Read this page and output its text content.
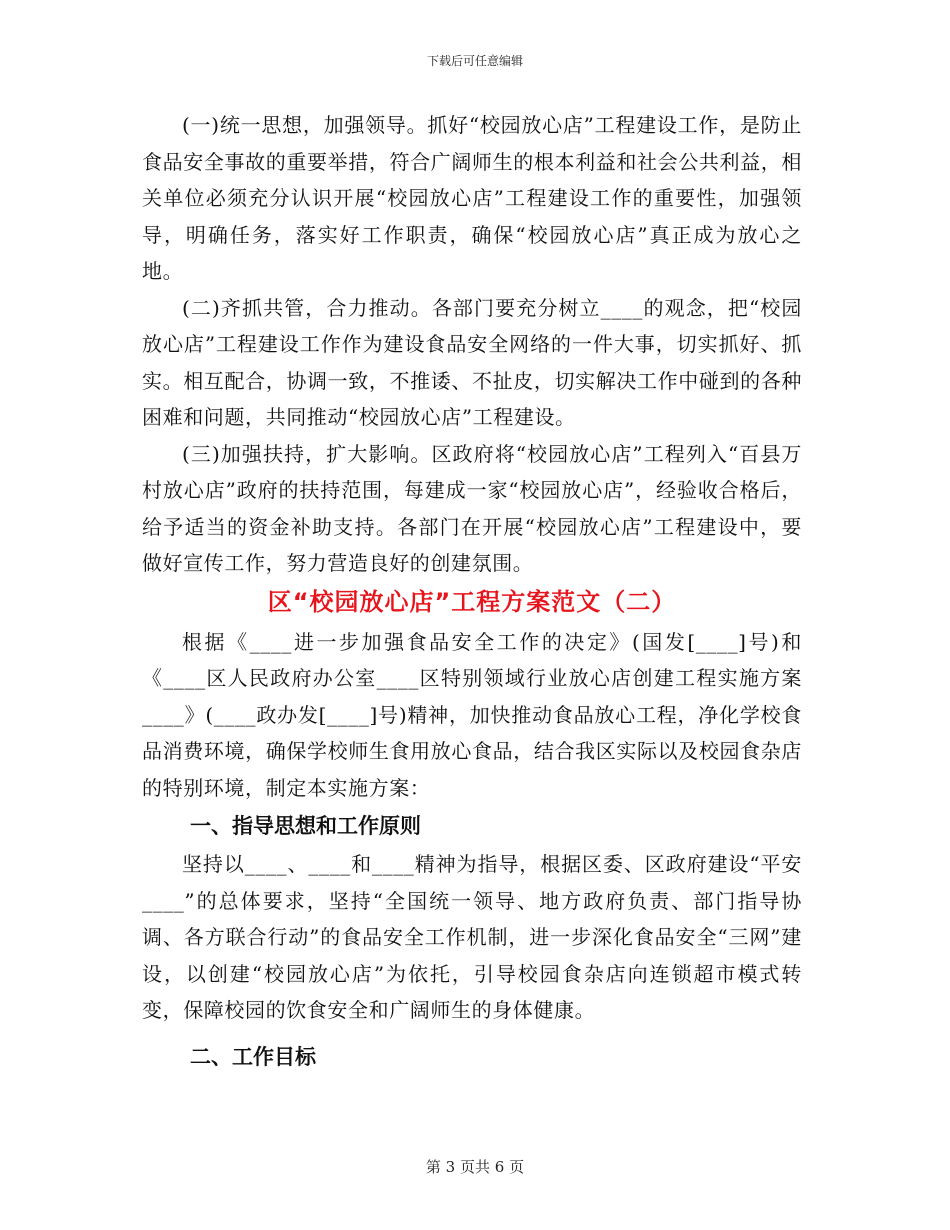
下载后可任意编辑

(一)统一思想，加强领导。抓好“校园放心店”工程建设工作，是防止食品安全事故的重要举措，符合广阔师生的根本利益和社会公共利益，相关单位必须充分认识开展“校园放心店”工程建设工作的重要性，加强领导，明确任务，落实好工作职责，确保“校园放心店”真正成为放心之地。

(二)齐抓共管，合力推动。各部门要充分树立____的观念，把“校园放心店”工程建设工作作为建设食品安全网络的一件大事，切实抓好、抓实。相互配合，协调一致，不推诿、不扯皮，切实解决工作中碰到的各种困难和问题，共同推动“校园放心店”工程建设。

(三)加强扶持，扩大影响。区政府将“校园放心店”工程列入“百县万村放心店”政府的扶持范围，每建成一家“校园放心店”，经验收合格后，给予适当的资金补助支持。各部门在开展“校园放心店”工程建设中，要做好宣传工作，努力营造良好的创建氛围。

区“校园放心店”工程方案范文（二）

根据《____进一步加强食品安全工作的决定》(国发[____]号)和《____区人民政府办公室____区特别领域行业放心店创建工程实施方案____》(____政办发[____]号)精神，加快推动食品放心工程，净化学校食品消费环境，确保学校师生食用放心食品，结合我区实际以及校园食杂店的特别环境，制定本实施方案：

一、指导思想和工作原则

坚持以____、____和____精神为指导，根据区委、区政府建设“平安____”的总体要求，坚持“全国统一领导、地方政府负责、部门指导协调、各方联合行动”的食品安全工作机制，进一步深化食品安全“三网”建设，以创建“校园放心店”为依托，引导校园食杂店向连锁超市模式转变，保障校园的饮食安全和广阔师生的身体健康。

二、工作目标
第 3 页共 6 页
